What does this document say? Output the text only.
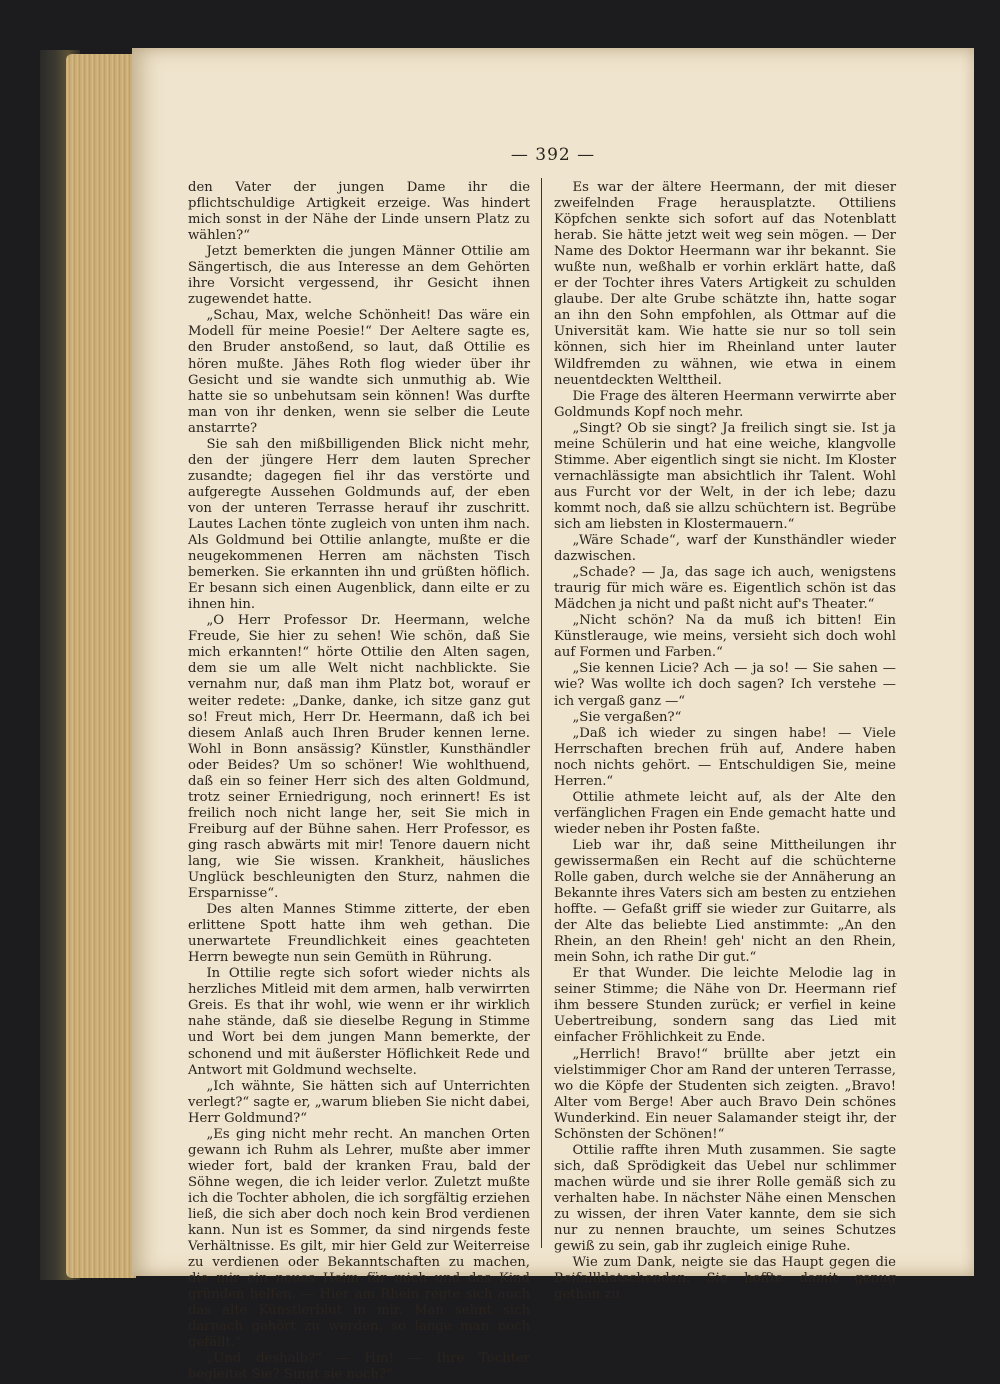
— 392 —

den Vater der jungen Dame ihr die pflichtschuldige Artigkeit erzeige. Was hindert mich sonst in der Nähe der Linde unsern Platz zu wählen?“

Jetzt bemerkten die jungen Männer Ottilie am Sängertisch, die aus Interesse an dem Gehörten ihre Vorsicht vergessend, ihr Gesicht ihnen zugewendet hatte.

„Schau, Max, welche Schönheit! Das wäre ein Modell für meine Poesie!“ Der Aeltere sagte es, den Bruder anstoßend, so laut, daß Ottilie es hören mußte. Jähes Roth flog wieder über ihr Gesicht und sie wandte sich unmuthig ab. Wie hatte sie so unbehutsam sein können! Was durfte man von ihr denken, wenn sie selber die Leute anstarrte?

Sie sah den mißbilligenden Blick nicht mehr, den der jüngere Herr dem lauten Sprecher zusandte; dagegen fiel ihr das verstörte und aufgeregte Aussehen Goldmunds auf, der eben von der unteren Terrasse herauf ihr zuschritt. Lautes Lachen tönte zugleich von unten ihm nach. Als Goldmund bei Ottilie anlangte, mußte er die neugekommenen Herren am nächsten Tisch bemerken. Sie erkannten ihn und grüßten höflich. Er besann sich einen Augenblick, dann eilte er zu ihnen hin.

„O Herr Professor Dr. Heermann, welche Freude, Sie hier zu sehen! Wie schön, daß Sie mich erkannten!“ hörte Ottilie den Alten sagen, dem sie um alle Welt nicht nachblickte. Sie vernahm nur, daß man ihm Platz bot, worauf er weiter redete: „Danke, danke, ich sitze ganz gut so! Freut mich, Herr Dr. Heermann, daß ich bei diesem Anlaß auch Ihren Bruder kennen lerne. Wohl in Bonn ansässig? Künstler, Kunsthändler oder Beides? Um so schöner! Wie wohlthuend, daß ein so feiner Herr sich des alten Goldmund, trotz seiner Erniedrigung, noch erinnert! Es ist freilich noch nicht lange her, seit Sie mich in Freiburg auf der Bühne sahen. Herr Professor, es ging rasch abwärts mit mir! Tenore dauern nicht lang, wie Sie wissen. Krankheit, häusliches Unglück beschleunigten den Sturz, nahmen die Ersparnisse“.

Des alten Mannes Stimme zitterte, der eben erlittene Spott hatte ihm weh gethan. Die unerwartete Freundlichkeit eines geachteten Herrn bewegte nun sein Gemüth in Rührung.

In Ottilie regte sich sofort wieder nichts als herzliches Mitleid mit dem armen, halb verwirrten Greis. Es that ihr wohl, wie wenn er ihr wirklich nahe stände, daß sie dieselbe Regung in Stimme und Wort bei dem jungen Mann bemerkte, der schonend und mit äußerster Höflichkeit Rede und Antwort mit Goldmund wechselte.

„Ich wähnte, Sie hätten sich auf Unterrichten verlegt?“ sagte er, „warum blieben Sie nicht dabei, Herr Goldmund?“

„Es ging nicht mehr recht. An manchen Orten gewann ich Ruhm als Lehrer, mußte aber immer wieder fort, bald der kranken Frau, bald der Söhne wegen, die ich leider verlor. Zuletzt mußte ich die Tochter abholen, die ich sorgfältig erziehen ließ, die sich aber doch noch kein Brod verdienen kann. Nun ist es Sommer, da sind nirgends feste Verhältnisse. Es gilt, mir hier Geld zur Weiterreise zu verdienen oder Bekanntschaften zu machen, die mir ein neues Heim für mich und das Kind gründen helfen. — Hier am Rhein regte sich auch das alte Künstlerblut in mir. Man sehnt sich darnach gehört zu werden, so lange man noch gefällt.“

„Und deshalb?“ — Hm! — Ihre Tochter begleitet Sie? Singt sie noch?“

Es war der ältere Heermann, der mit dieser zweifelnden Frage herausplatzte. Ottiliens Köpfchen senkte sich sofort auf das Notenblatt herab. Sie hätte jetzt weit weg sein mögen. — Der Name des Doktor Heermann war ihr bekannt. Sie wußte nun, weßhalb er vorhin erklärt hatte, daß er der Tochter ihres Vaters Artigkeit zu schulden glaube. Der alte Grube schätzte ihn, hatte sogar an ihn den Sohn empfohlen, als Ottmar auf die Universität kam. Wie hatte sie nur so toll sein können, sich hier im Rheinland unter lauter Wildfremden zu wähnen, wie etwa in einem neuentdeckten Welttheil.

Die Frage des älteren Heermann verwirrte aber Goldmunds Kopf noch mehr.

„Singt? Ob sie singt? Ja freilich singt sie. Ist ja meine Schülerin und hat eine weiche, klangvolle Stimme. Aber eigentlich singt sie nicht. Im Kloster vernachlässigte man absichtlich ihr Talent. Wohl aus Furcht vor der Welt, in der ich lebe; dazu kommt noch, daß sie allzu schüchtern ist. Begrübe sich am liebsten in Klostermauern.“

„Wäre Schade“, warf der Kunsthändler wieder dazwischen.

„Schade? — Ja, das sage ich auch, wenigstens traurig für mich wäre es. Eigentlich schön ist das Mädchen ja nicht und paßt nicht auf's Theater.“

„Nicht schön? Na da muß ich bitten! Ein Künstlerauge, wie meins, versieht sich doch wohl auf Formen und Farben.“

„Sie kennen Licie? Ach — ja so! — Sie sahen — wie? Was wollte ich doch sagen? Ich verstehe — ich vergaß ganz —“

„Sie vergaßen?“

„Daß ich wieder zu singen habe! — Viele Herrschaften brechen früh auf, Andere haben noch nichts gehört. — Entschuldigen Sie, meine Herren.“

Ottilie athmete leicht auf, als der Alte den verfänglichen Fragen ein Ende gemacht hatte und wieder neben ihr Posten faßte.

Lieb war ihr, daß seine Mittheilungen ihr gewissermaßen ein Recht auf die schüchterne Rolle gaben, durch welche sie der Annäherung an Bekannte ihres Vaters sich am besten zu entziehen hoffte. — Gefaßt griff sie wieder zur Guitarre, als der Alte das beliebte Lied anstimmte: „An den Rhein, an den Rhein! geh' nicht an den Rhein, mein Sohn, ich rathe Dir gut.“

Er that Wunder. Die leichte Melodie lag in seiner Stimme; die Nähe von Dr. Heermann rief ihm bessere Stunden zurück; er verfiel in keine Uebertreibung, sondern sang das Lied mit einfacher Fröhlichkeit zu Ende.

„Herrlich! Bravo!“ brüllte aber jetzt ein vielstimmiger Chor am Rand der unteren Terrasse, wo die Köpfe der Studenten sich zeigten. „Bravo! Alter vom Berge! Aber auch Bravo Dein schönes Wunderkind. Ein neuer Salamander steigt ihr, der Schönsten der Schönen!“

Ottilie raffte ihren Muth zusammen. Sie sagte sich, daß Sprödigkeit das Uebel nur schlimmer machen würde und sie ihrer Rolle gemäß sich zu verhalten habe. In nächster Nähe einen Menschen zu wissen, der ihren Vater kannte, dem sie sich nur zu nennen brauchte, um seines Schutzes gewiß zu sein, gab ihr zugleich einige Ruhe.

Wie zum Dank, neigte sie das Haupt gegen die Beifallklatschenden. Sie hoffte damit genug gethan zu
